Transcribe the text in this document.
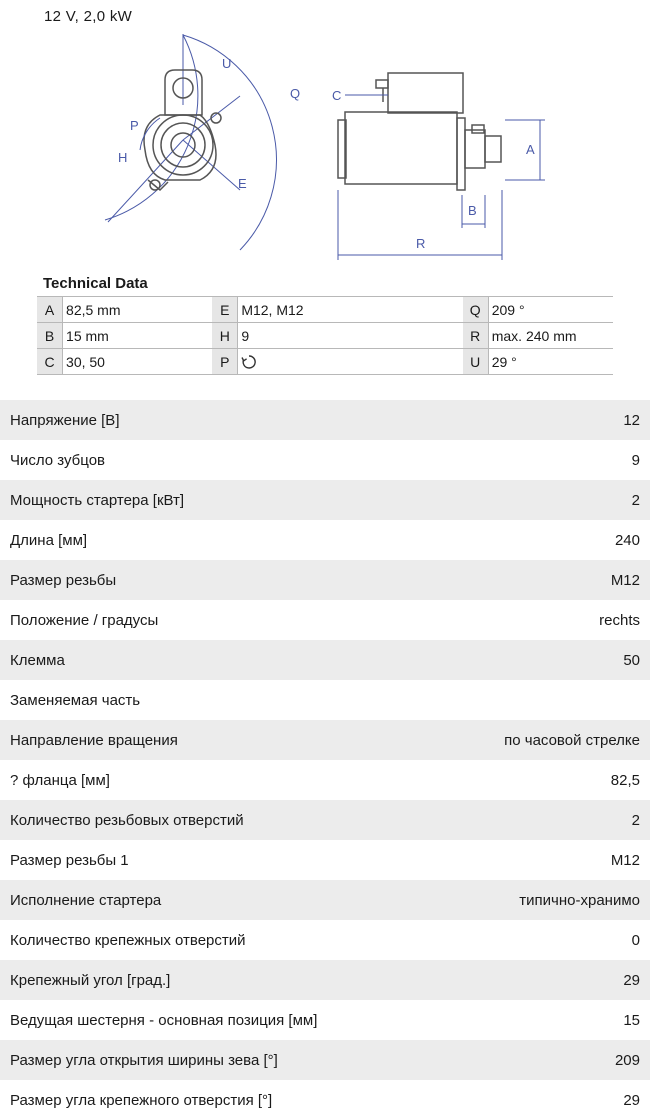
12 V, 2,0 kW
U
Q
P
H
E
C
A
B
R
Technical Data
A	82,5 mm	E	M12, M12	Q	209 °
B	15 mm	H	9	R	max. 240 mm
C	30, 50	P		U	29 °
Напряжение [В]	12
Число зубцов	9
Мощность стартера [кВт]	2
Длина [мм]	240
Размер резьбы	M12
Положение / градусы	rechts
Клемма	50
Заменяемая часть
Направление вращения	по часовой стрелке
? фланца [мм]	82,5
Количество резьбовых отверстий	2
Размер резьбы 1	M12
Исполнение стартера	типично-хранимо
Количество крепежных отверстий	0
Крепежный угол [град.]	29
Ведущая шестерня - основная позиция [мм]	15
Размер угла открытия ширины зева [°]	209
Размер угла крепежного отверстия [°]	29
